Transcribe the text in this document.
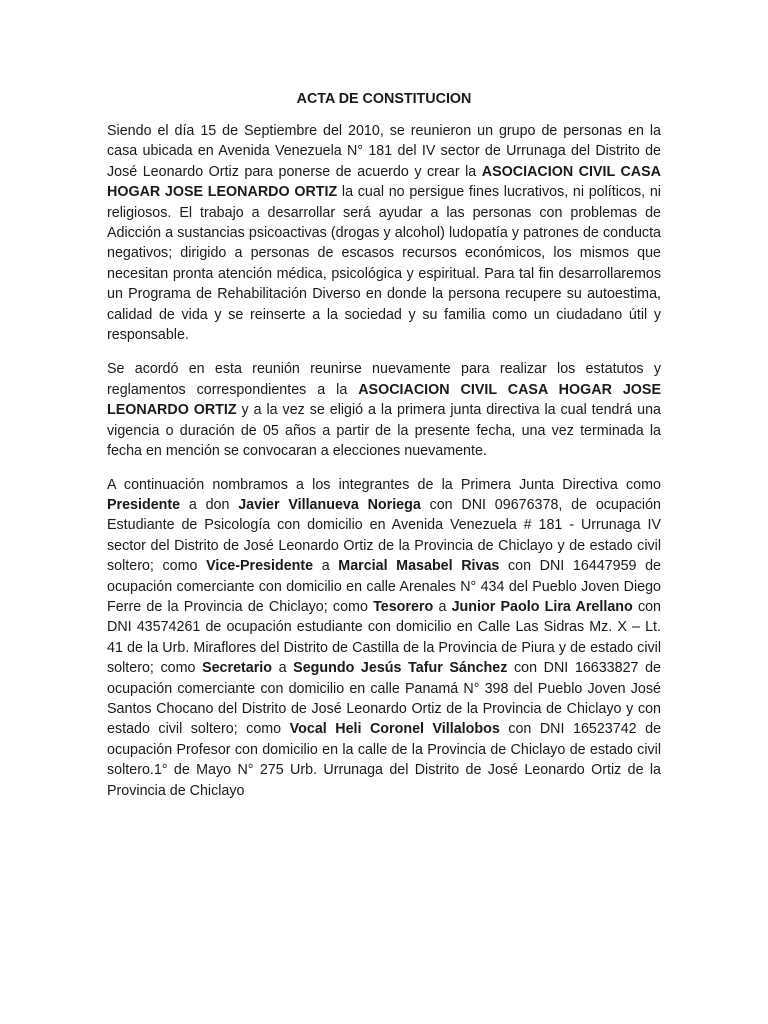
ACTA DE CONSTITUCION

Siendo el día 15 de Septiembre del 2010, se reunieron un grupo de personas en la casa ubicada en Avenida Venezuela N° 181 del IV sector de Urrunaga del Distrito de José Leonardo Ortiz para ponerse de acuerdo y crear la ASOCIACION CIVIL CASA HOGAR JOSE LEONARDO ORTIZ la cual no persigue fines lucrativos, ni políticos, ni religiosos. El trabajo a desarrollar será ayudar a las personas con problemas de Adicción a sustancias psicoactivas (drogas y alcohol) ludopatía y patrones de conducta negativos; dirigido a personas de escasos recursos económicos, los mismos que necesitan pronta atención médica, psicológica y espiritual. Para tal fin desarrollaremos un Programa de Rehabilitación Diverso en donde la persona recupere su autoestima, calidad de vida y se reinserte a la sociedad y su familia como un ciudadano útil y responsable.

Se acordó en esta reunión reunirse nuevamente para realizar los estatutos y reglamentos correspondientes a la ASOCIACION CIVIL CASA HOGAR JOSE LEONARDO ORTIZ y a la vez se eligió a la primera junta directiva la cual tendrá una vigencia o duración de 05 años a partir de la presente fecha, una vez terminada la fecha en mención se convocaran a elecciones nuevamente.

A continuación nombramos a los integrantes de la Primera Junta Directiva como Presidente a don Javier Villanueva Noriega con DNI 09676378, de ocupación Estudiante de Psicología con domicilio en Avenida Venezuela # 181 - Urrunaga IV sector del Distrito de José Leonardo Ortiz de la Provincia de Chiclayo y de estado civil soltero; como Vice-Presidente a Marcial Masabel Rivas con DNI 16447959 de ocupación comerciante con domicilio en calle Arenales N° 434 del Pueblo Joven Diego Ferre de la Provincia de Chiclayo; como Tesorero a Junior Paolo Lira Arellano con DNI 43574261 de ocupación estudiante con domicilio en Calle Las Sidras Mz. X – Lt. 41 de la Urb. Miraflores del Distrito de Castilla de la Provincia de Piura y de estado civil soltero; como Secretario a Segundo Jesús Tafur Sánchez con DNI 16633827 de ocupación comerciante con domicilio en calle Panamá N° 398 del Pueblo Joven José Santos Chocano del Distrito de José Leonardo Ortiz de la Provincia de Chiclayo y con estado civil soltero; como Vocal Heli Coronel Villalobos con DNI 16523742 de ocupación Profesor con domicilio en la calle de la Provincia de Chiclayo de estado civil soltero.1° de Mayo N° 275 Urb. Urrunaga del Distrito de José Leonardo Ortiz de la Provincia de Chiclayo
